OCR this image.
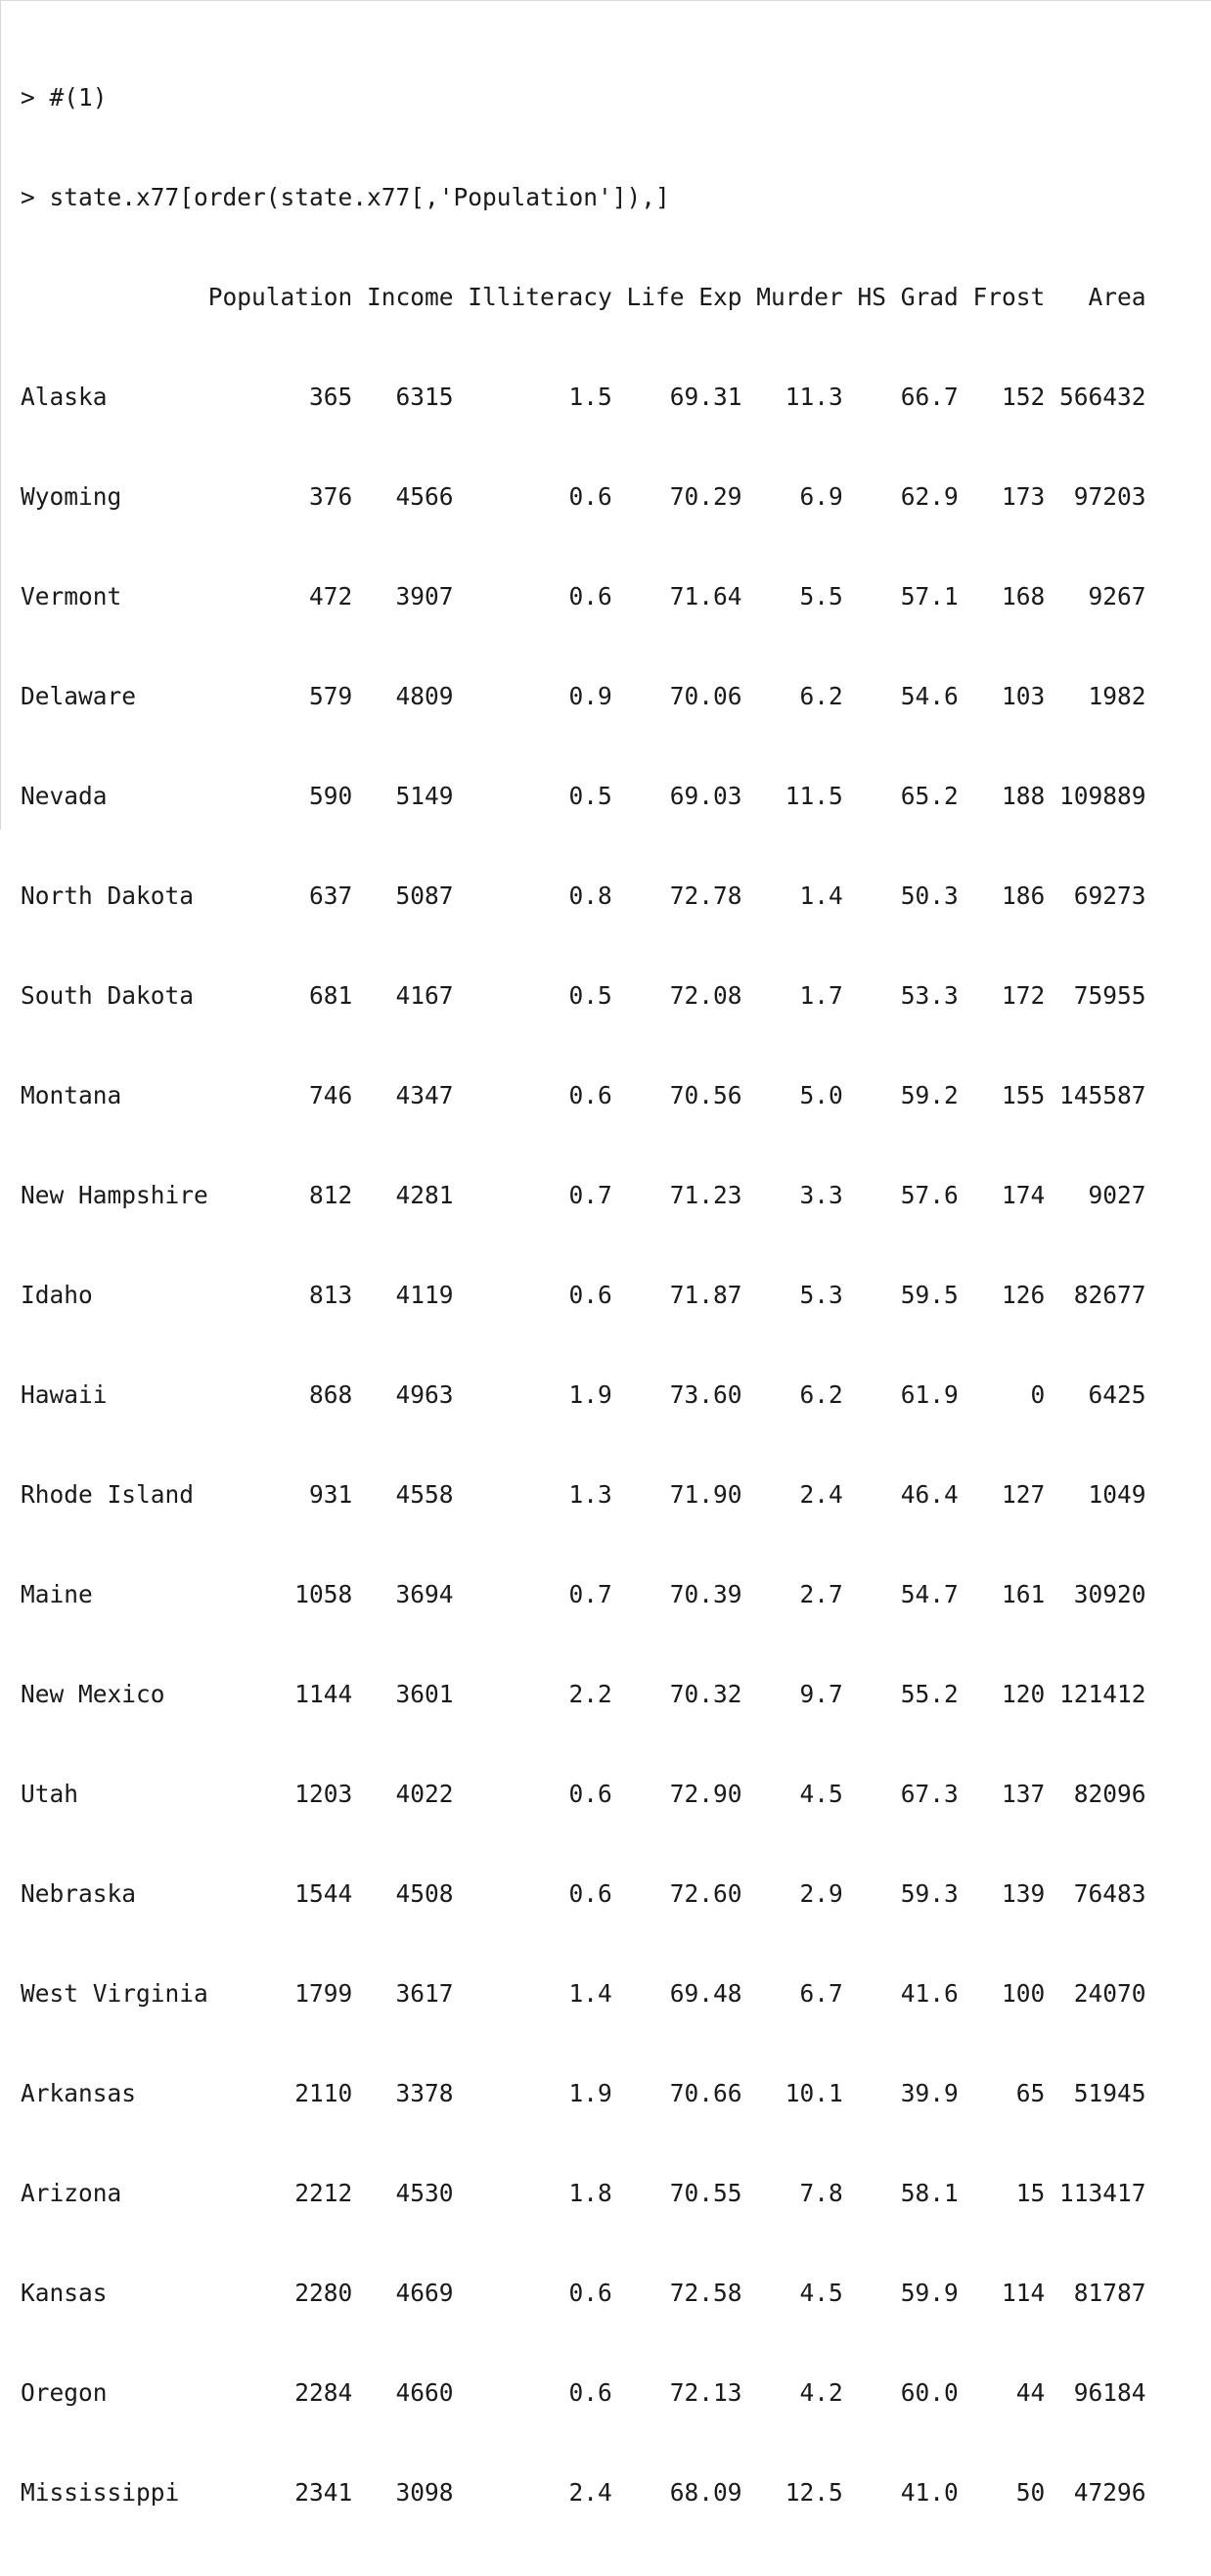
> #(1)

> state.x77[order(state.x77[,'Population']),]

Population Income Illiteracy Life Exp Murder HS Grad Frost   Area

Alaska              365   6315        1.5    69.31   11.3    66.7   152 566432

Wyoming             376   4566        0.6    70.29    6.9    62.9   173  97203

Vermont             472   3907        0.6    71.64    5.5    57.1   168   9267

Delaware            579   4809        0.9    70.06    6.2    54.6   103   1982

Nevada              590   5149        0.5    69.03   11.5    65.2   188 109889

North Dakota        637   5087        0.8    72.78    1.4    50.3   186  69273

South Dakota        681   4167        0.5    72.08    1.7    53.3   172  75955

Montana             746   4347        0.6    70.56    5.0    59.2   155 145587

New Hampshire       812   4281        0.7    71.23    3.3    57.6   174   9027

Idaho               813   4119        0.6    71.87    5.3    59.5   126  82677

Hawaii              868   4963        1.9    73.60    6.2    61.9     0   6425

Rhode Island        931   4558        1.3    71.90    2.4    46.4   127   1049

Maine              1058   3694        0.7    70.39    2.7    54.7   161  30920

New Mexico         1144   3601        2.2    70.32    9.7    55.2   120 121412

Utah               1203   4022        0.6    72.90    4.5    67.3   137  82096

Nebraska           1544   4508        0.6    72.60    2.9    59.3   139  76483

West Virginia      1799   3617        1.4    69.48    6.7    41.6   100  24070

Arkansas           2110   3378        1.9    70.66   10.1    39.9    65  51945

Arizona            2212   4530        1.8    70.55    7.8    58.1    15 113417

Kansas             2280   4669        0.6    72.58    4.5    59.9   114  81787

Oregon             2284   4660        0.6    72.13    4.2    60.0    44  96184

Mississippi        2341   3098        2.4    68.09   12.5    41.0    50  47296
